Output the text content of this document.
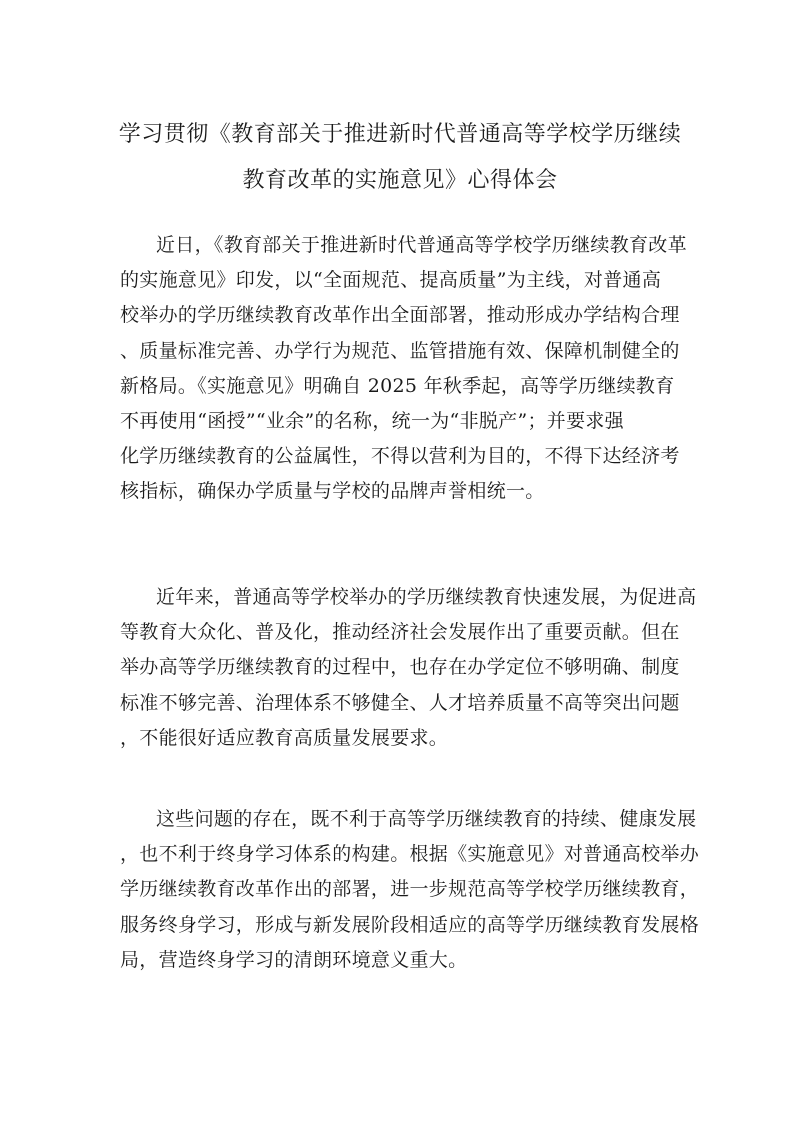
学习贯彻《教育部关于推进新时代普通高等学校学历继续
教育改革的实施意见》心得体会
近日，《教育部关于推进新时代普通高等学校学历继续教育改革
的实施意见》印发，以“全面规范、提高质量”为主线，对普通高
校举办的学历继续教育改革作出全面部署，推动形成办学结构合理
、质量标准完善、办学行为规范、监管措施有效、保障机制健全的
新格局。《实施意见》明确自 2025 年秋季起，高等学历继续教育
不再使用“函授”“业余”的名称，统一为“非脱产”；并要求强
化学历继续教育的公益属性，不得以营利为目的，不得下达经济考
核指标，确保办学质量与学校的品牌声誉相统一。
近年来，普通高等学校举办的学历继续教育快速发展，为促进高
等教育大众化、普及化，推动经济社会发展作出了重要贡献。但在
举办高等学历继续教育的过程中，也存在办学定位不够明确、制度
标准不够完善、治理体系不够健全、人才培养质量不高等突出问题
，不能很好适应教育高质量发展要求。
这些问题的存在，既不利于高等学历继续教育的持续、健康发展
，也不利于终身学习体系的构建。根据《实施意见》对普通高校举办
学历继续教育改革作出的部署，进一步规范高等学校学历继续教育，
服务终身学习，形成与新发展阶段相适应的高等学历继续教育发展格
局，营造终身学习的清朗环境意义重大。
